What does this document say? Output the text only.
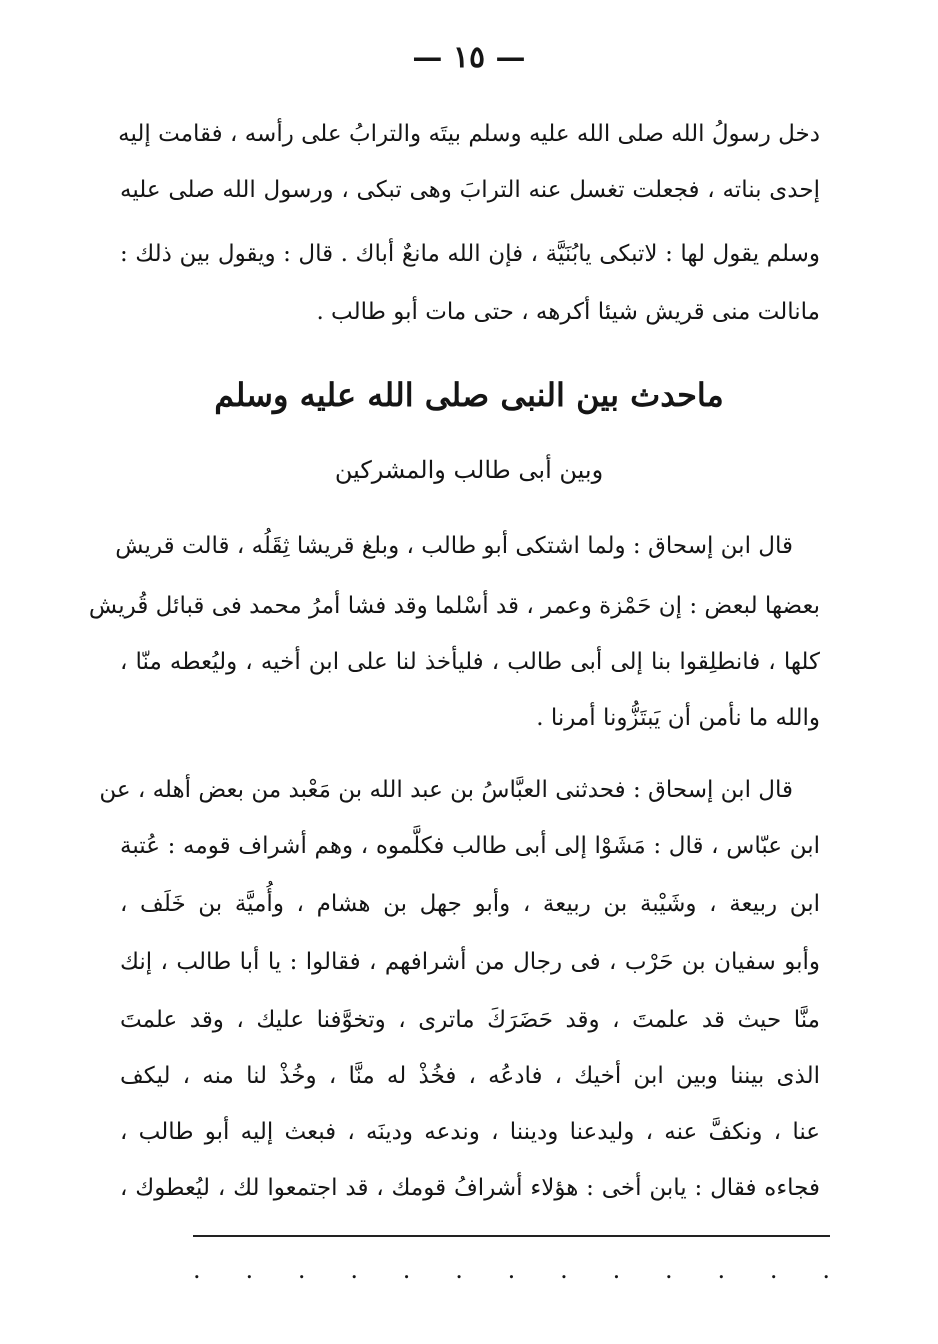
— ١٥ —
دخل رسولُ الله صلى الله عليه وسلم بيتَه والترابُ على رأسه ، فقامت إليه
إحدى بناته ، فجعلت تغسل عنه الترابَ وهى تبكى ، ورسول الله صلى عليه
وسلم يقول لها : لاتبكى يابُنَيَّة ، فإن الله مانعٌ أباك . قال : ويقول بين ذلك :
مانالت منى قريش شيئا أكرهه ، حتى مات أبو طالب .
ماحدث بين النبى صلى الله عليه وسلم
وبين أبى طالب والمشركين
قال ابن إسحاق : ولما اشتكى أبو طالب ، وبلغ قريشا ثِقَلُه ، قالت قريش
بعضها لبعض : إن حَمْزة وعمر ، قد أسْلما وقد فشا أمرُ محمد فى قبائل قُريش
كلها ، فانطلِقوا بنا إلى أبى طالب ، فليأخذ لنا على ابن أخيه ، وليُعطه منّا ،
والله ما نأمن أن يَبتَزُّونا أمرنا .
قال ابن إسحاق : فحدثنى العبَّاسُ بن عبد الله بن مَعْبد من بعض أهله ، عن
ابن عبّاس ، قال : مَشَوْا إلى أبى طالب فكلَّموه ، وهم أشراف قومه : عُتبة
ابن ربيعة ، وشَيْبة بن ربيعة ، وأبو جهل بن هشام ، وأُميَّة بن خَلَف ،
وأبو سفيان بن حَرْب ، فى رجال من أشرافهم ، فقالوا : يا أبا طالب ، إنك
منَّا حيث قد علمتَ ، وقد حَضَرَكَ ماترى ، وتخوَّفنا عليك ، وقد علمتَ
الذى بيننا وبين ابن أخيك ، فادعُه ، فخُذْ له منَّا ، وخُذْ لنا منه ، ليكف
عنا ، ونكفَّ عنه ، وليدعنا وديننا ، وندعه ودينَه ، فبعث إليه أبو طالب ،
فجاءه فقال : يابن أخى : هؤلاء أشرافُ قومك ، قد اجتمعوا لك ، ليُعطوك ،
. . . . . . . . . . . . .
